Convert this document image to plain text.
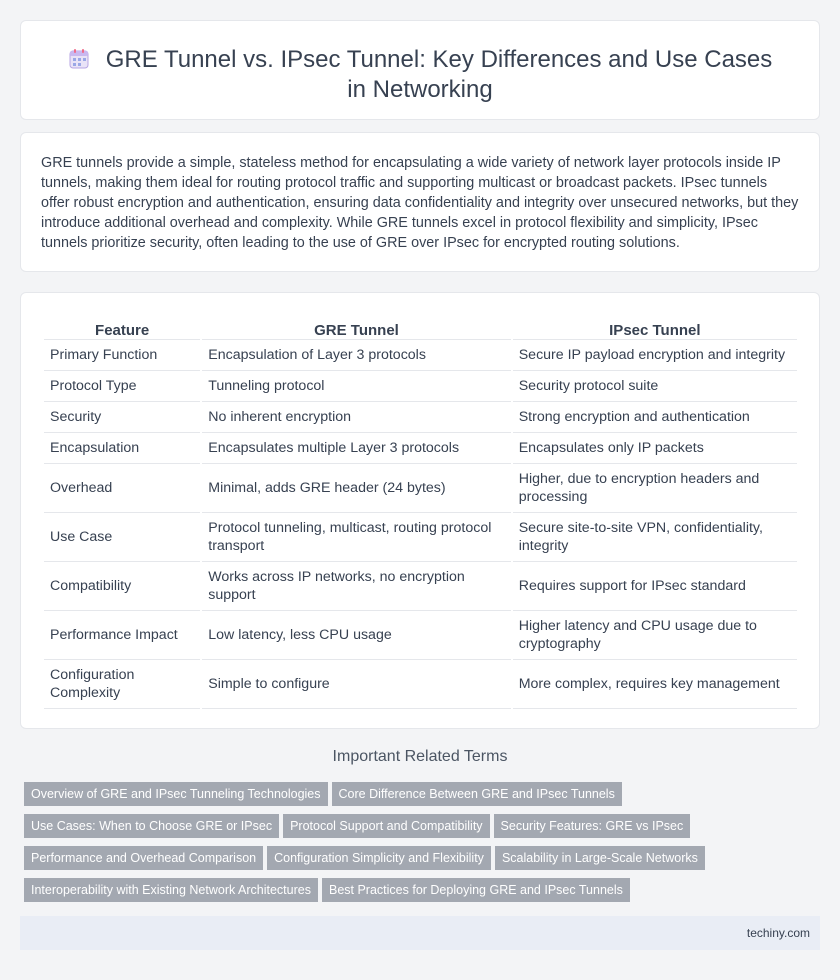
GRE Tunnel vs. IPsec Tunnel: Key Differences and Use Cases in Networking

GRE tunnels provide a simple, stateless method for encapsulating a wide variety of network layer protocols inside IP tunnels, making them ideal for routing protocol traffic and supporting multicast or broadcast packets. IPsec tunnels offer robust encryption and authentication, ensuring data confidentiality and integrity over unsecured networks, but they introduce additional overhead and complexity. While GRE tunnels excel in protocol flexibility and simplicity, IPsec tunnels prioritize security, often leading to the use of GRE over IPsec for encrypted routing solutions.

Feature	GRE Tunnel	IPsec Tunnel
Primary Function	Encapsulation of Layer 3 protocols	Secure IP payload encryption and integrity
Protocol Type	Tunneling protocol	Security protocol suite
Security	No inherent encryption	Strong encryption and authentication
Encapsulation	Encapsulates multiple Layer 3 protocols	Encapsulates only IP packets
Overhead	Minimal, adds GRE header (24 bytes)	Higher, due to encryption headers and processing
Use Case	Protocol tunneling, multicast, routing protocol transport	Secure site-to-site VPN, confidentiality, integrity
Compatibility	Works across IP networks, no encryption support	Requires support for IPsec standard
Performance Impact	Low latency, less CPU usage	Higher latency and CPU usage due to cryptography
Configuration Complexity	Simple to configure	More complex, requires key management
Important Related Terms
Overview of GRE and IPsec Tunneling Technologies Core Difference Between GRE and IPsec Tunnels
Use Cases: When to Choose GRE or IPsec Protocol Support and Compatibility Security Features: GRE vs IPsec
Performance and Overhead Comparison Configuration Simplicity and Flexibility Scalability in Large-Scale Networks
Interoperability with Existing Network Architectures Best Practices for Deploying GRE and IPsec Tunnels
techiny.com
